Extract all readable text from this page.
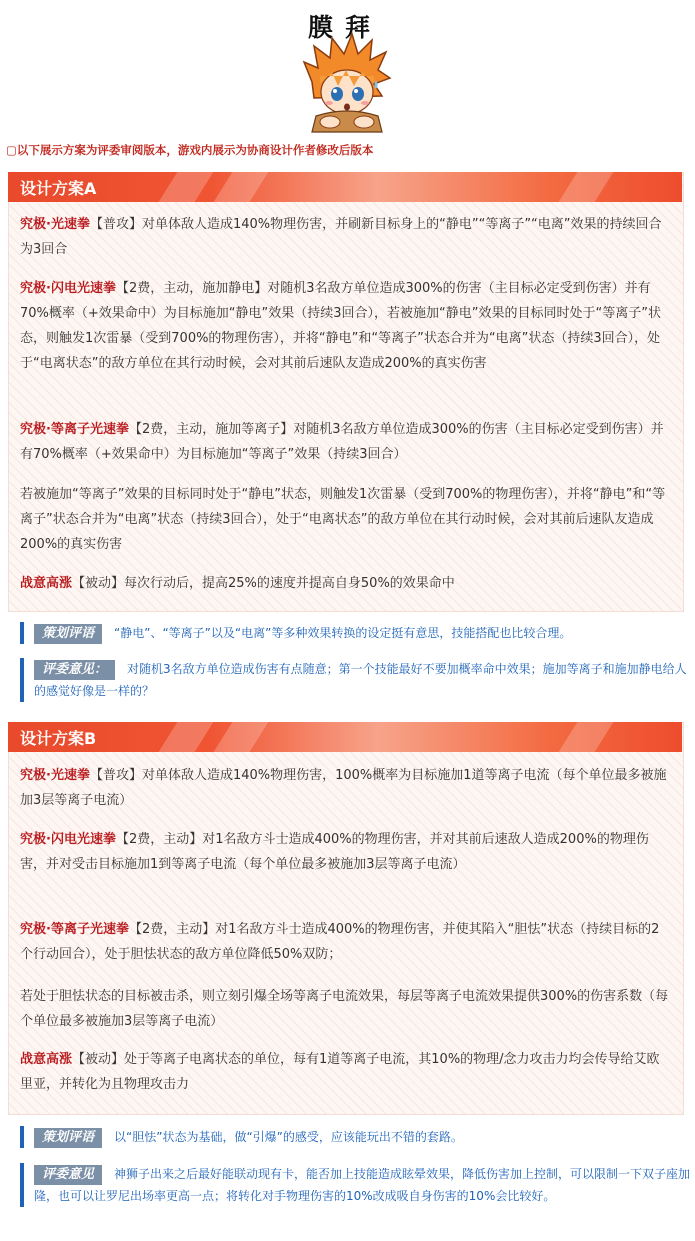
膜拜
▢以下展示方案为评委审阅版本，游戏内展示为协商设计作者修改后版本
设计方案A
究极·光速拳【普攻】对单体敌人造成140%物理伤害，并刷新目标身上的“静电”“等离子”“电离”效果的持续回合为3回合
究极·闪电光速拳【2费，主动，施加静电】对随机3名敌方单位造成300%的伤害（主目标必定受到伤害）并有70%概率（+效果命中）为目标施加“静电”效果（持续3回合），若被施加“静电”效果的目标同时处于“等离子”状态，则触发1次雷暴（受到700%的物理伤害），并将“静电”和“等离子”状态合并为“电离”状态（持续3回合），处于“电离状态”的敌方单位在其行动时候，会对其前后速队友造成200%的真实伤害
究极·等离子光速拳【2费，主动，施加等离子】对随机3名敌方单位造成300%的伤害（主目标必定受到伤害）并有70%概率（+效果命中）为目标施加“等离子”效果（持续3回合）
若被施加“等离子”效果的目标同时处于“静电”状态，则触发1次雷暴（受到700%的物理伤害），并将“静电”和“等离子”状态合并为“电离”状态（持续3回合），处于“电离状态”的敌方单位在其行动时候，会对其前后速队友造成200%的真实伤害
战意高涨【被动】每次行动后，提高25%的速度并提高自身50%的效果命中
策划评语 “静电”、“等离子”以及“电离”等多种效果转换的设定挺有意思，技能搭配也比较合理。
评委意见： 对随机3名敌方单位造成伤害有点随意；第一个技能最好不要加概率命中效果；施加等离子和施加静电给人的感觉好像是一样的？
设计方案B
究极·光速拳【普攻】对单体敌人造成140%物理伤害，100%概率为目标施加1道等离子电流（每个单位最多被施加3层等离子电流）
究极·闪电光速拳【2费，主动】对1名敌方斗士造成400%的物理伤害，并对其前后速敌人造成200%的物理伤害，并对受击目标施加1到等离子电流（每个单位最多被施加3层等离子电流）
究极·等离子光速拳【2费，主动】对1名敌方斗士造成400%的物理伤害，并使其陷入“胆怯”状态（持续目标的2个行动回合），处于胆怯状态的敌方单位降低50%双防；
若处于胆怯状态的目标被击杀，则立刻引爆全场等离子电流效果，每层等离子电流效果提供300%的伤害系数（每个单位最多被施加3层等离子电流）
战意高涨【被动】处于等离子电离状态的单位，每有1道等离子电流，其10%的物理/念力攻击力均会传导给艾欧里亚，并转化为且物理攻击力
策划评语 以“胆怯”状态为基础，做“引爆”的感受，应该能玩出不错的套路。
评委意见 神狮子出来之后最好能联动现有卡，能否加上技能造成眩晕效果，降低伤害加上控制，可以限制一下双子座加隆，也可以让罗尼出场率更高一点；将转化对手物理伤害的10%改成吸自身伤害的10%会比较好。
